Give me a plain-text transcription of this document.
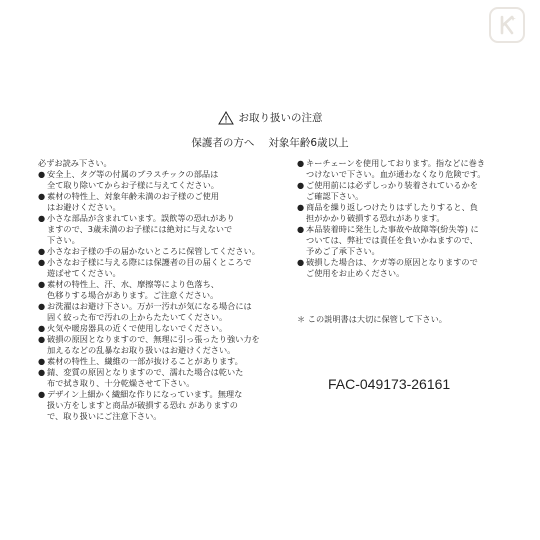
お取り扱いの注意
保護者の方へ 対象年齢6歳以上

必ずお読み下さい。

● 安全上、タグ等の付属のプラスチックの部品は
全て取り除いてからお子様に与えてください。
● 素材の特性上、対象年齢未満のお子様のご使用
はお避けください。
● 小さな部品が含まれています。誤飲等の恐れがあり
ますので、3歳未満のお子様には絶対に与えないで
下さい。
● 小さなお子様の手の届かないところに保管してください。
● 小さなお子様に与える際には保護者の目の届くところで
遊ばせてください。
● 素材の特性上、汗、水、摩擦等により色落ち、
色移りする場合があります。ご注意ください。
● お洗濯はお避け下さい。万が一汚れが気になる場合には
固く絞った布で汚れの上からたたいてください。
● 火気や暖房器具の近くで使用しないでください。
● 破損の原因となりますので、無理に引っ張ったり強い力を
加えるなどの乱暴なお取り扱いはお避けください。
● 素材の特性上、繊維の一部が抜けることがあります。
● 錆、変質の原因となりますので、濡れた場合は乾いた
布で拭き取り、十分乾燥させて下さい。
● デザイン上細かく繊細な作りになっています。無理な
扱い方をしますと商品が破損する恐れ がありますの
で、取り扱いにご注意下さい。
● キーチェーンを使用しております。指などに巻き
つけないで下さい。血が通わなくなり危険です。
● ご使用前には必ずしっかり装着されているかを
ご確認下さい。
● 商品を繰り返しつけたりはずしたりすると、負
担がかかり破損する恐れがあります。
● 本品装着時に発生した事故や故障等(紛失等) に
ついては、弊社では責任を負いかねますので、
予めご了承下さい。
● 破損した場合は、ケガ等の原因となりますので
ご使用をお止めください。
＊ この説明書は大切に保管して下さい。
FAC-049173-26161
